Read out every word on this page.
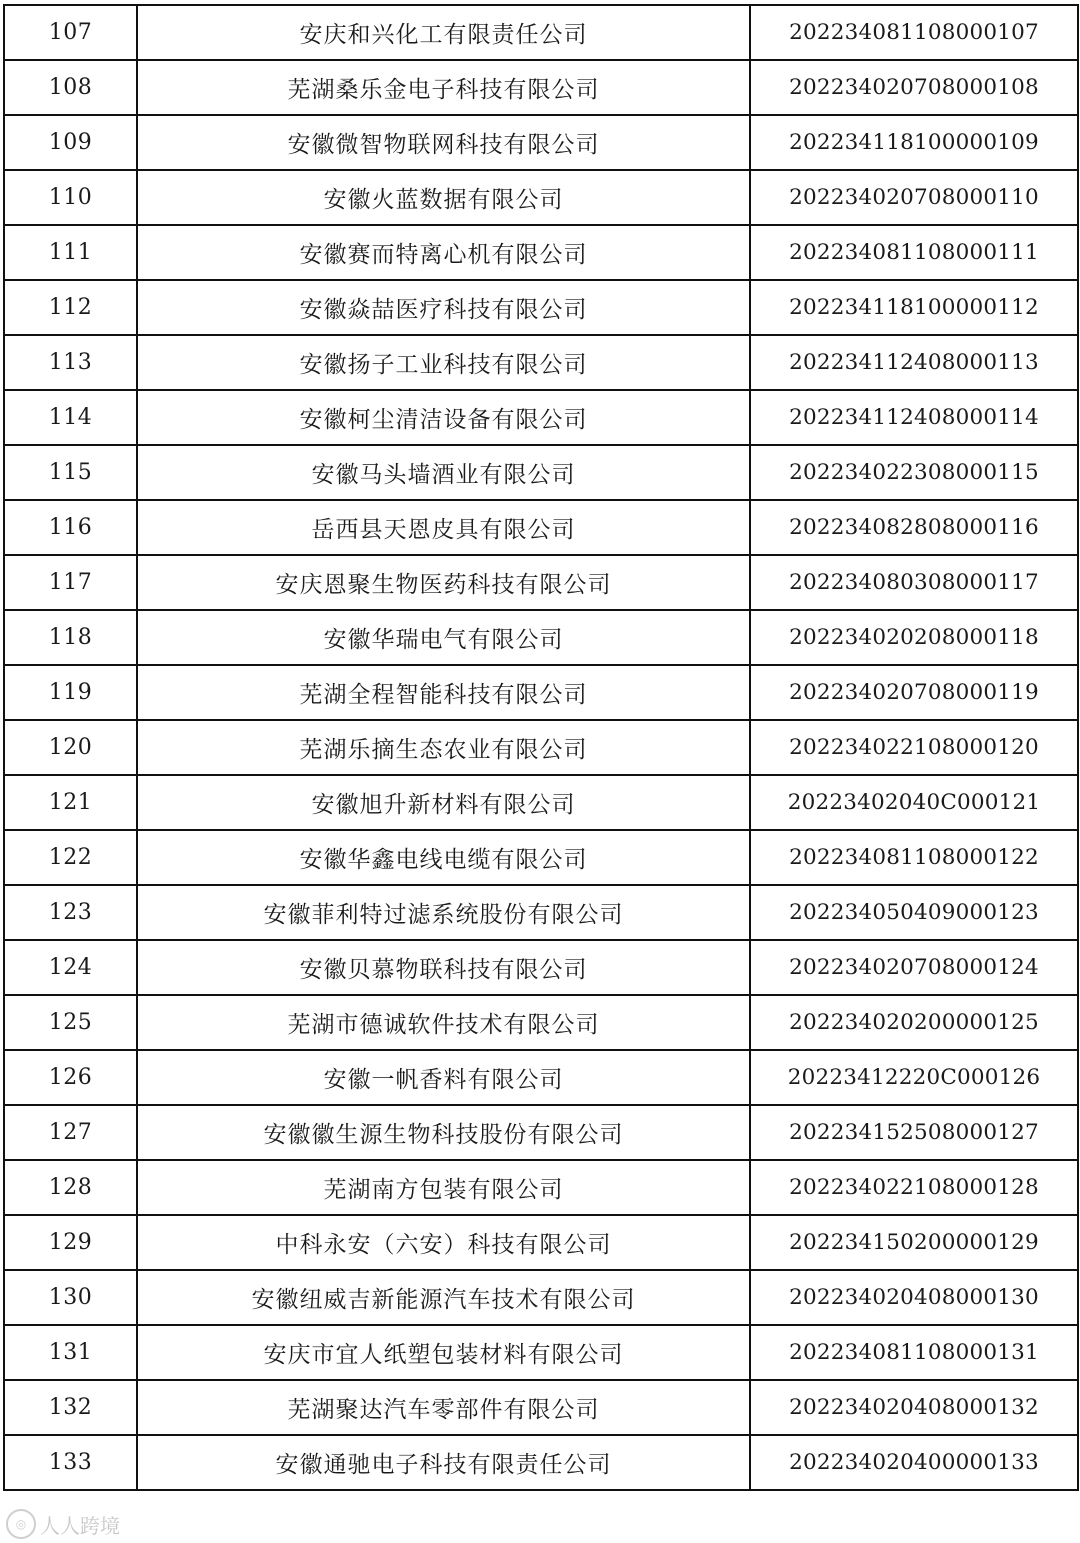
107	安庆和兴化工有限责任公司	202234081108000107
108	芜湖桑乐金电子科技有限公司	202234020708000108
109	安徽微智物联网科技有限公司	202234118100000109
110	安徽火蓝数据有限公司	202234020708000110
111	安徽赛而特离心机有限公司	202234081108000111
112	安徽焱喆医疗科技有限公司	202234118100000112
113	安徽扬子工业科技有限公司	202234112408000113
114	安徽柯尘清洁设备有限公司	202234112408000114
115	安徽马头墙酒业有限公司	202234022308000115
116	岳西县天恩皮具有限公司	202234082808000116
117	安庆恩聚生物医药科技有限公司	202234080308000117
118	安徽华瑞电气有限公司	202234020208000118
119	芜湖全程智能科技有限公司	202234020708000119
120	芜湖乐摘生态农业有限公司	202234022108000120
121	安徽旭升新材料有限公司	20223402040C000121
122	安徽华鑫电线电缆有限公司	202234081108000122
123	安徽菲利特过滤系统股份有限公司	202234050409000123
124	安徽贝慕物联科技有限公司	202234020708000124
125	芜湖市德诚软件技术有限公司	202234020200000125
126	安徽一帆香料有限公司	20223412220C000126
127	安徽徽生源生物科技股份有限公司	202234152508000127
128	芜湖南方包装有限公司	202234022108000128
129	中科永安（六安）科技有限公司	202234150200000129
130	安徽纽威吉新能源汽车技术有限公司	202234020408000130
131	安庆市宜人纸塑包装材料有限公司	202234081108000131
132	芜湖聚达汽车零部件有限公司	202234020408000132
133	安徽通驰电子科技有限责任公司	202234020400000133
◎ 人人跨境
